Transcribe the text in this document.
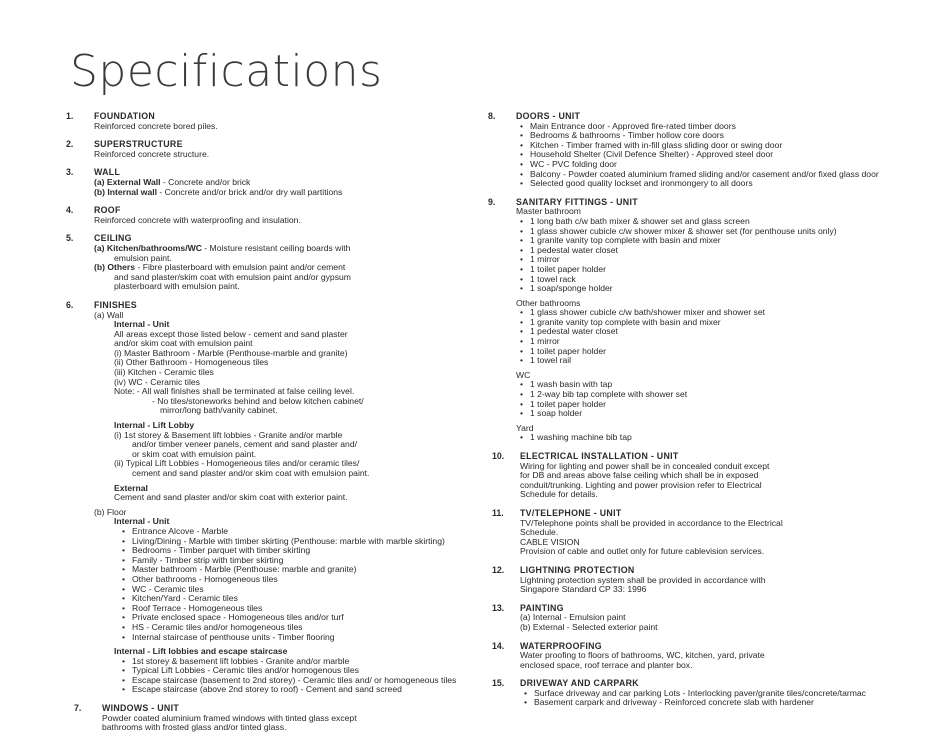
Specifications
1. FOUNDATION

Reinforced concrete bored piles.

2. SUPERSTRUCTURE

Reinforced concrete structure.

3. WALL

(a) External Wall - Concrete and/or brick

(b) Internal wall - Concrete and/or brick and/or dry wall partitions

4. ROOF

Reinforced concrete with waterproofing and insulation.

5. CEILING

(a) Kitchen/bathrooms/WC - Moisture resistant ceiling boards with

emulsion paint.

(b) Others - Fibre plasterboard with emulsion paint and/or cement

and sand plaster/skim coat with emulsion paint and/or gypsum

plasterboard with emulsion paint.

6. FINISHES

(a) Wall

Internal - Unit
All areas except those listed below - cement and sand plaster
and/or skim coat with emulsion paint
(i) Master Bathroom - Marble (Penthouse-marble and granite)
(ii) Other Bathroom - Homogeneous tiles
(iii) Kitchen - Ceramic tiles
(iv) WC - Ceramic tiles
Note: - All wall finishes shall be terminated at false ceiling level.
- No tiles/stoneworks behind and below kitchen cabinet/
mirror/long bath/vanity cabinet.
Internal - Lift Lobby
(i) 1st storey & Basement lift lobbies - Granite and/or marble
and/or timber veneer panels, cement and sand plaster and/
or skim coat with emulsion paint.
(ii) Typical Lift Lobbies - Homogeneous tiles and/or ceramic tiles/
cement and sand plaster and/or skim coat with emulsion paint.
External
Cement and sand plaster and/or skim coat with exterior paint.

(b) Floor

Internal - Unit
• Entrance Alcove - Marble
• Living/Dining - Marble with timber skirting (Penthouse: marble with marble skirting)
• Bedrooms - Timber parquet with timber skirting
• Family - Timber strip with timber skirting
• Master bathroom - Marble (Penthouse: marble and granite)
• Other bathrooms - Homogeneous tiles
• WC - Ceramic tiles
• Kitchen/Yard - Ceramic tiles
• Roof Terrace - Homogeneous tiles
• Private enclosed space - Homogeneous tiles and/or turf
• HS - Ceramic tiles and/or homogeneous tiles
• Internal staircase of penthouse units - Timber flooring
Internal - Lift lobbies and escape staircase
• 1st storey & basement lift lobbies - Granite and/or marble
• Typical Lift Lobbies - Ceramic tiles and/or homogenous tiles
• Escape staircase (basement to 2nd storey) - Ceramic tiles and/ or homogeneous tiles
• Escape staircase (above 2nd storey to roof) - Cement and sand screed
7. WINDOWS - UNIT

Powder coated aluminium framed windows with tinted glass except

bathrooms with frosted glass and/or tinted glass.

8. DOORS - UNIT
• Main Entrance door - Approved fire-rated timber doors
• Bedrooms & bathrooms - Timber hollow core doors
• Kitchen - Timber framed with in-fill glass sliding door or swing door
• Household Shelter (Civil Defence Shelter) - Approved steel door
• WC - PVC folding door
• Balcony - Powder coated aluminium framed sliding and/or casement and/or fixed glass door
• Selected good quality lockset and ironmongery to all doors
9. SANITARY FITTINGS - UNIT
Master bathroom
• 1 long bath c/w bath mixer & shower set and glass screen
• 1 glass shower cubicle c/w shower mixer & shower set (for penthouse units only)
• 1 granite vanity top complete with basin and mixer
• 1 pedestal water closet
• 1 mirror
• 1 toilet paper holder
• 1 towel rack
• 1 soap/sponge holder
Other bathrooms
• 1 glass shower cubicle c/w bath/shower mixer and shower set
• 1 granite vanity top complete with basin and mixer
• 1 pedestal water closet
• 1 mirror
• 1 toilet paper holder
• 1 towel rail
WC
• 1 wash basin with tap
• 1 2-way bib tap complete with shower set
• 1 toilet paper holder
• 1 soap holder
Yard
• 1 washing machine bib tap
10. ELECTRICAL INSTALLATION - UNIT

Wiring for lighting and power shall be in concealed conduit except

for DB and areas above false ceiling which shall be in exposed

conduit/trunking. Lighting and power provision refer to Electrical

Schedule for details.

11. TV/TELEPHONE - UNIT

TV/Telephone points shall be provided in accordance to the Electrical

Schedule.

CABLE VISION

Provision of cable and outlet only for future cablevision services.

12. LIGHTNING PROTECTION

Lightning protection system shall be provided in accordance with

Singapore Standard CP 33: 1996

13. PAINTING

(a) Internal - Emulsion paint

(b) External - Selected exterior paint

14. WATERPROOFING

Water proofing to floors of bathrooms, WC, kitchen, yard, private

enclosed space, roof terrace and planter box.

15. DRIVEWAY AND CARPARK
• Surface driveway and car parking Lots - Interlocking paver/granite tiles/concrete/tarmac
• Basement carpark and driveway - Reinforced concrete slab with hardener
